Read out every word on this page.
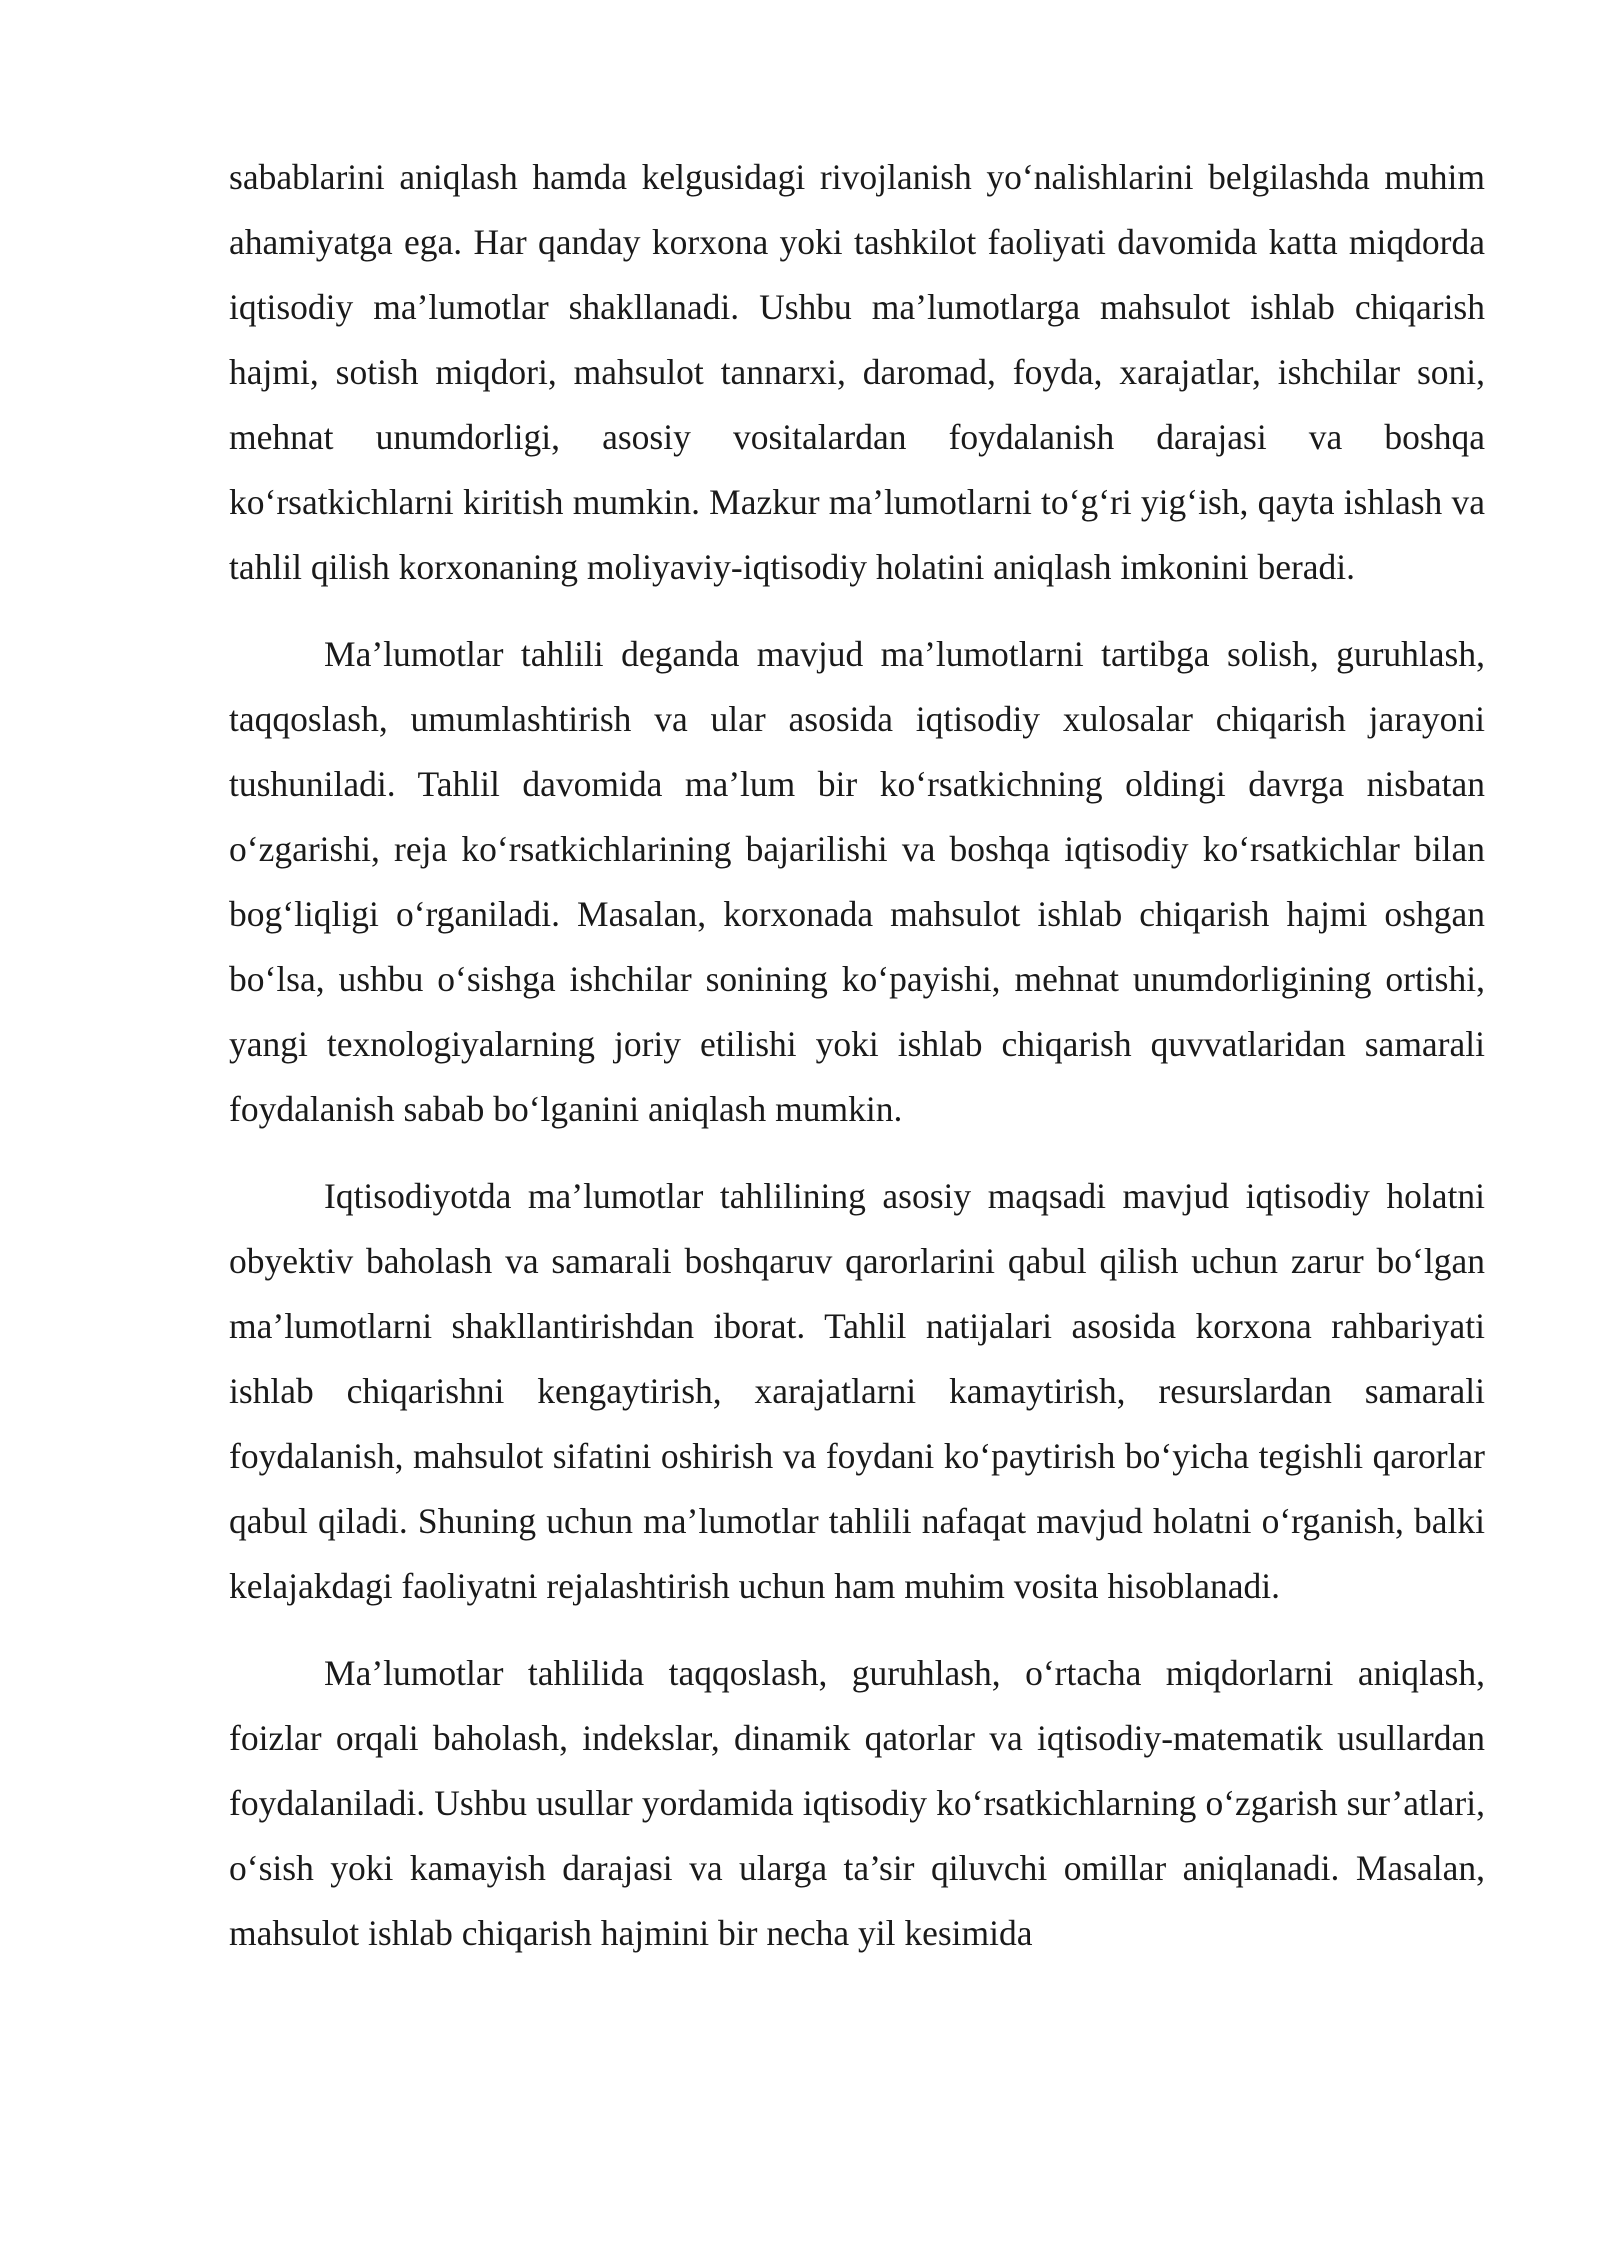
sabablarini aniqlash hamda kelgusidagi rivojlanish yo‘nalishlarini belgilashda muhim ahamiyatga ega. Har qanday korxona yoki tashkilot faoliyati davomida katta miqdorda iqtisodiy ma’lumotlar shakllanadi. Ushbu ma’lumotlarga mahsulot ishlab chiqarish hajmi, sotish miqdori, mahsulot tannarxi, daromad, foyda, xarajatlar, ishchilar soni, mehnat unumdorligi, asosiy vositalardan foydalanish darajasi va boshqa ko‘rsatkichlarni kiritish mumkin. Mazkur ma’lumotlarni to‘g‘ri yig‘ish, qayta ishlash va tahlil qilish korxonaning moliyaviy-iqtisodiy holatini aniqlash imkonini beradi.

Ma’lumotlar tahlili deganda mavjud ma’lumotlarni tartibga solish, guruhlash, taqqoslash, umumlashtirish va ular asosida iqtisodiy xulosalar chiqarish jarayoni tushuniladi. Tahlil davomida ma’lum bir ko‘rsatkichning oldingi davrga nisbatan o‘zgarishi, reja ko‘rsatkichlarining bajarilishi va boshqa iqtisodiy ko‘rsatkichlar bilan bog‘liqligi o‘rganiladi. Masalan, korxonada mahsulot ishlab chiqarish hajmi oshgan bo‘lsa, ushbu o‘sishga ishchilar sonining ko‘payishi, mehnat unumdorligining ortishi, yangi texnologiyalarning joriy etilishi yoki ishlab chiqarish quvvatlaridan samarali foydalanish sabab bo‘lganini aniqlash mumkin.

Iqtisodiyotda ma’lumotlar tahlilining asosiy maqsadi mavjud iqtisodiy holatni obyektiv baholash va samarali boshqaruv qarorlarini qabul qilish uchun zarur bo‘lgan ma’lumotlarni shakllantirishdan iborat. Tahlil natijalari asosida korxona rahbariyati ishlab chiqarishni kengaytirish, xarajatlarni kamaytirish, resurslardan samarali foydalanish, mahsulot sifatini oshirish va foydani ko‘paytirish bo‘yicha tegishli qarorlar qabul qiladi. Shuning uchun ma’lumotlar tahlili nafaqat mavjud holatni o‘rganish, balki kelajakdagi faoliyatni rejalashtirish uchun ham muhim vosita hisoblanadi.

Ma’lumotlar tahlilida taqqoslash, guruhlash, o‘rtacha miqdorlarni aniqlash, foizlar orqali baholash, indekslar, dinamik qatorlar va iqtisodiy-matematik usullardan foydalaniladi. Ushbu usullar yordamida iqtisodiy ko‘rsatkichlarning o‘zgarish sur’atlari, o‘sish yoki kamayish darajasi va ularga ta’sir qiluvchi omillar aniqlanadi. Masalan, mahsulot ishlab chiqarish hajmini bir necha yil kesimida
